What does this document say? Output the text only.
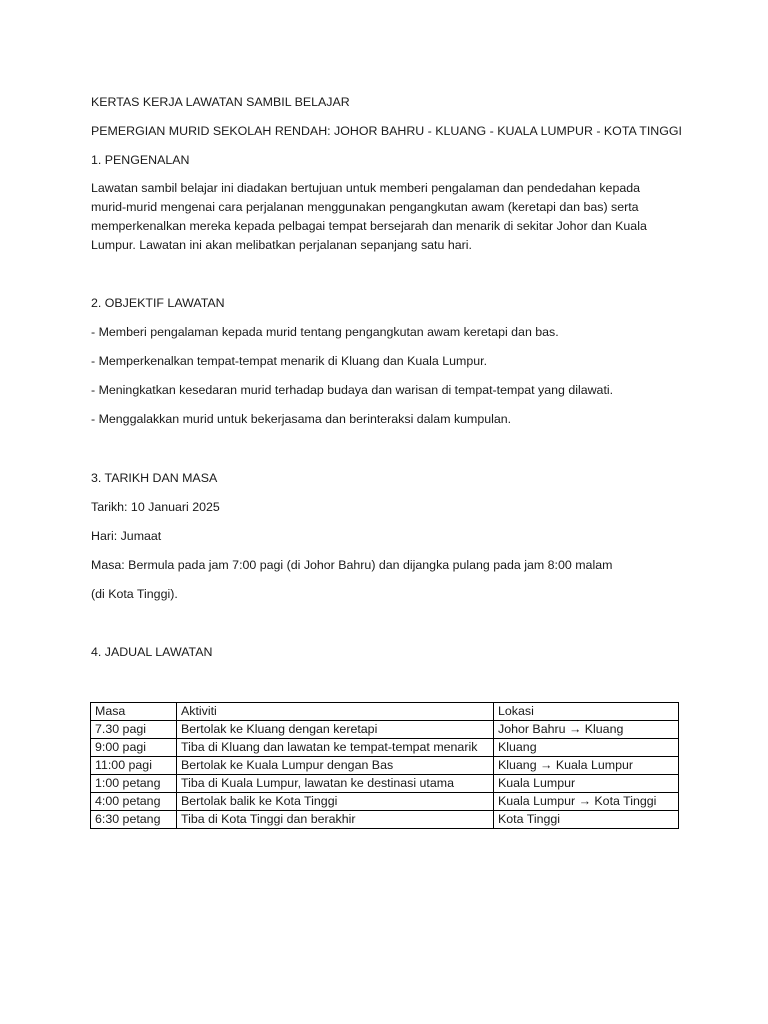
KERTAS KERJA LAWATAN SAMBIL BELAJAR
PEMERGIAN MURID SEKOLAH RENDAH: JOHOR BAHRU - KLUANG - KUALA LUMPUR - KOTA TINGGI
1. PENGENALAN
Lawatan sambil belajar ini diadakan bertujuan untuk memberi pengalaman dan pendedahan kepada murid-murid mengenai cara perjalanan menggunakan pengangkutan awam (keretapi dan bas) serta memperkenalkan mereka kepada pelbagai tempat bersejarah dan menarik di sekitar Johor dan Kuala Lumpur. Lawatan ini akan melibatkan perjalanan sepanjang satu hari.
2. OBJEKTIF LAWATAN
- Memberi pengalaman kepada murid tentang pengangkutan awam keretapi dan bas.
- Memperkenalkan tempat-tempat menarik di Kluang dan Kuala Lumpur.
- Meningkatkan kesedaran murid terhadap budaya dan warisan di tempat-tempat yang dilawati.
- Menggalakkan murid untuk bekerjasama dan berinteraksi dalam kumpulan.
3. TARIKH DAN MASA
Tarikh: 10 Januari 2025
Hari: Jumaat
Masa: Bermula pada jam 7:00 pagi (di Johor Bahru) dan dijangka pulang pada jam 8:00 malam
(di Kota Tinggi).
4. JADUAL LAWATAN
Masa	Aktiviti	Lokasi
7.30 pagi	Bertolak ke Kluang dengan keretapi	Johor Bahru → Kluang
9:00 pagi	Tiba di Kluang dan lawatan ke tempat-tempat menarik	Kluang
11:00 pagi	Bertolak ke Kuala Lumpur dengan Bas	Kluang → Kuala Lumpur
1:00 petang	Tiba di Kuala Lumpur, lawatan ke destinasi utama	Kuala Lumpur
4:00 petang	Bertolak balik ke Kota Tinggi	Kuala Lumpur → Kota Tinggi
6:30 petang	Tiba di Kota Tinggi dan berakhir	Kota Tinggi
